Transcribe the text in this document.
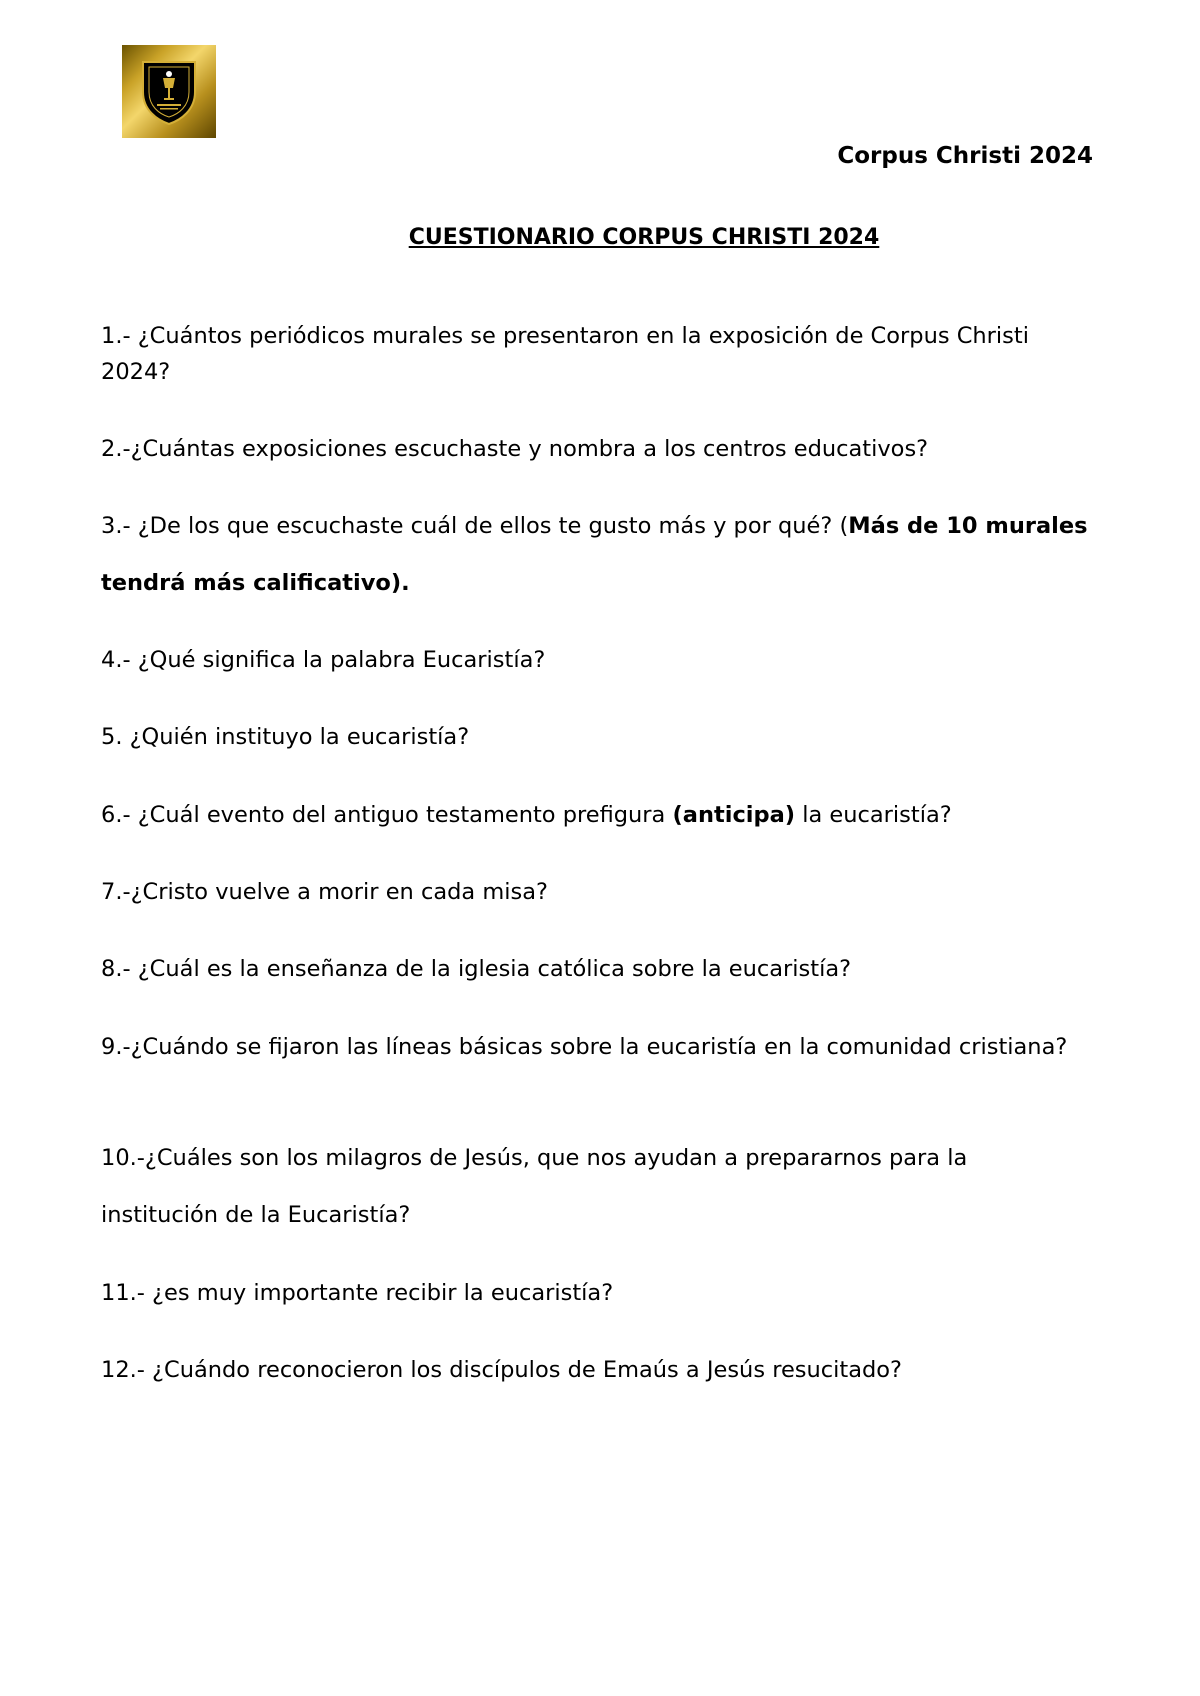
Corpus Christi 2024
CUESTIONARIO CORPUS CHRISTI 2024

1.- ¿Cuántos periódicos murales se presentaron en la exposición de Corpus Christi 2024?

2.-¿Cuántas exposiciones escuchaste y nombra a los centros educativos?

3.- ¿De los que escuchaste cuál de ellos te gusto más y por qué? (Más de 10 murales tendrá más calificativo).

4.- ¿Qué significa la palabra Eucaristía?

5. ¿Quién instituyo la eucaristía?

6.- ¿Cuál evento del antiguo testamento prefigura (anticipa) la eucaristía?

7.-¿Cristo vuelve a morir en cada misa?

8.- ¿Cuál es la enseñanza de la iglesia católica sobre la eucaristía?

9.-¿Cuándo se fijaron las líneas básicas sobre la eucaristía en la comunidad cristiana?

10.-¿Cuáles son los milagros de Jesús, que nos ayudan a prepararnos para la institución de la Eucaristía?

11.- ¿es muy importante recibir la eucaristía?

12.- ¿Cuándo reconocieron los discípulos de Emaús a Jesús resucitado?
